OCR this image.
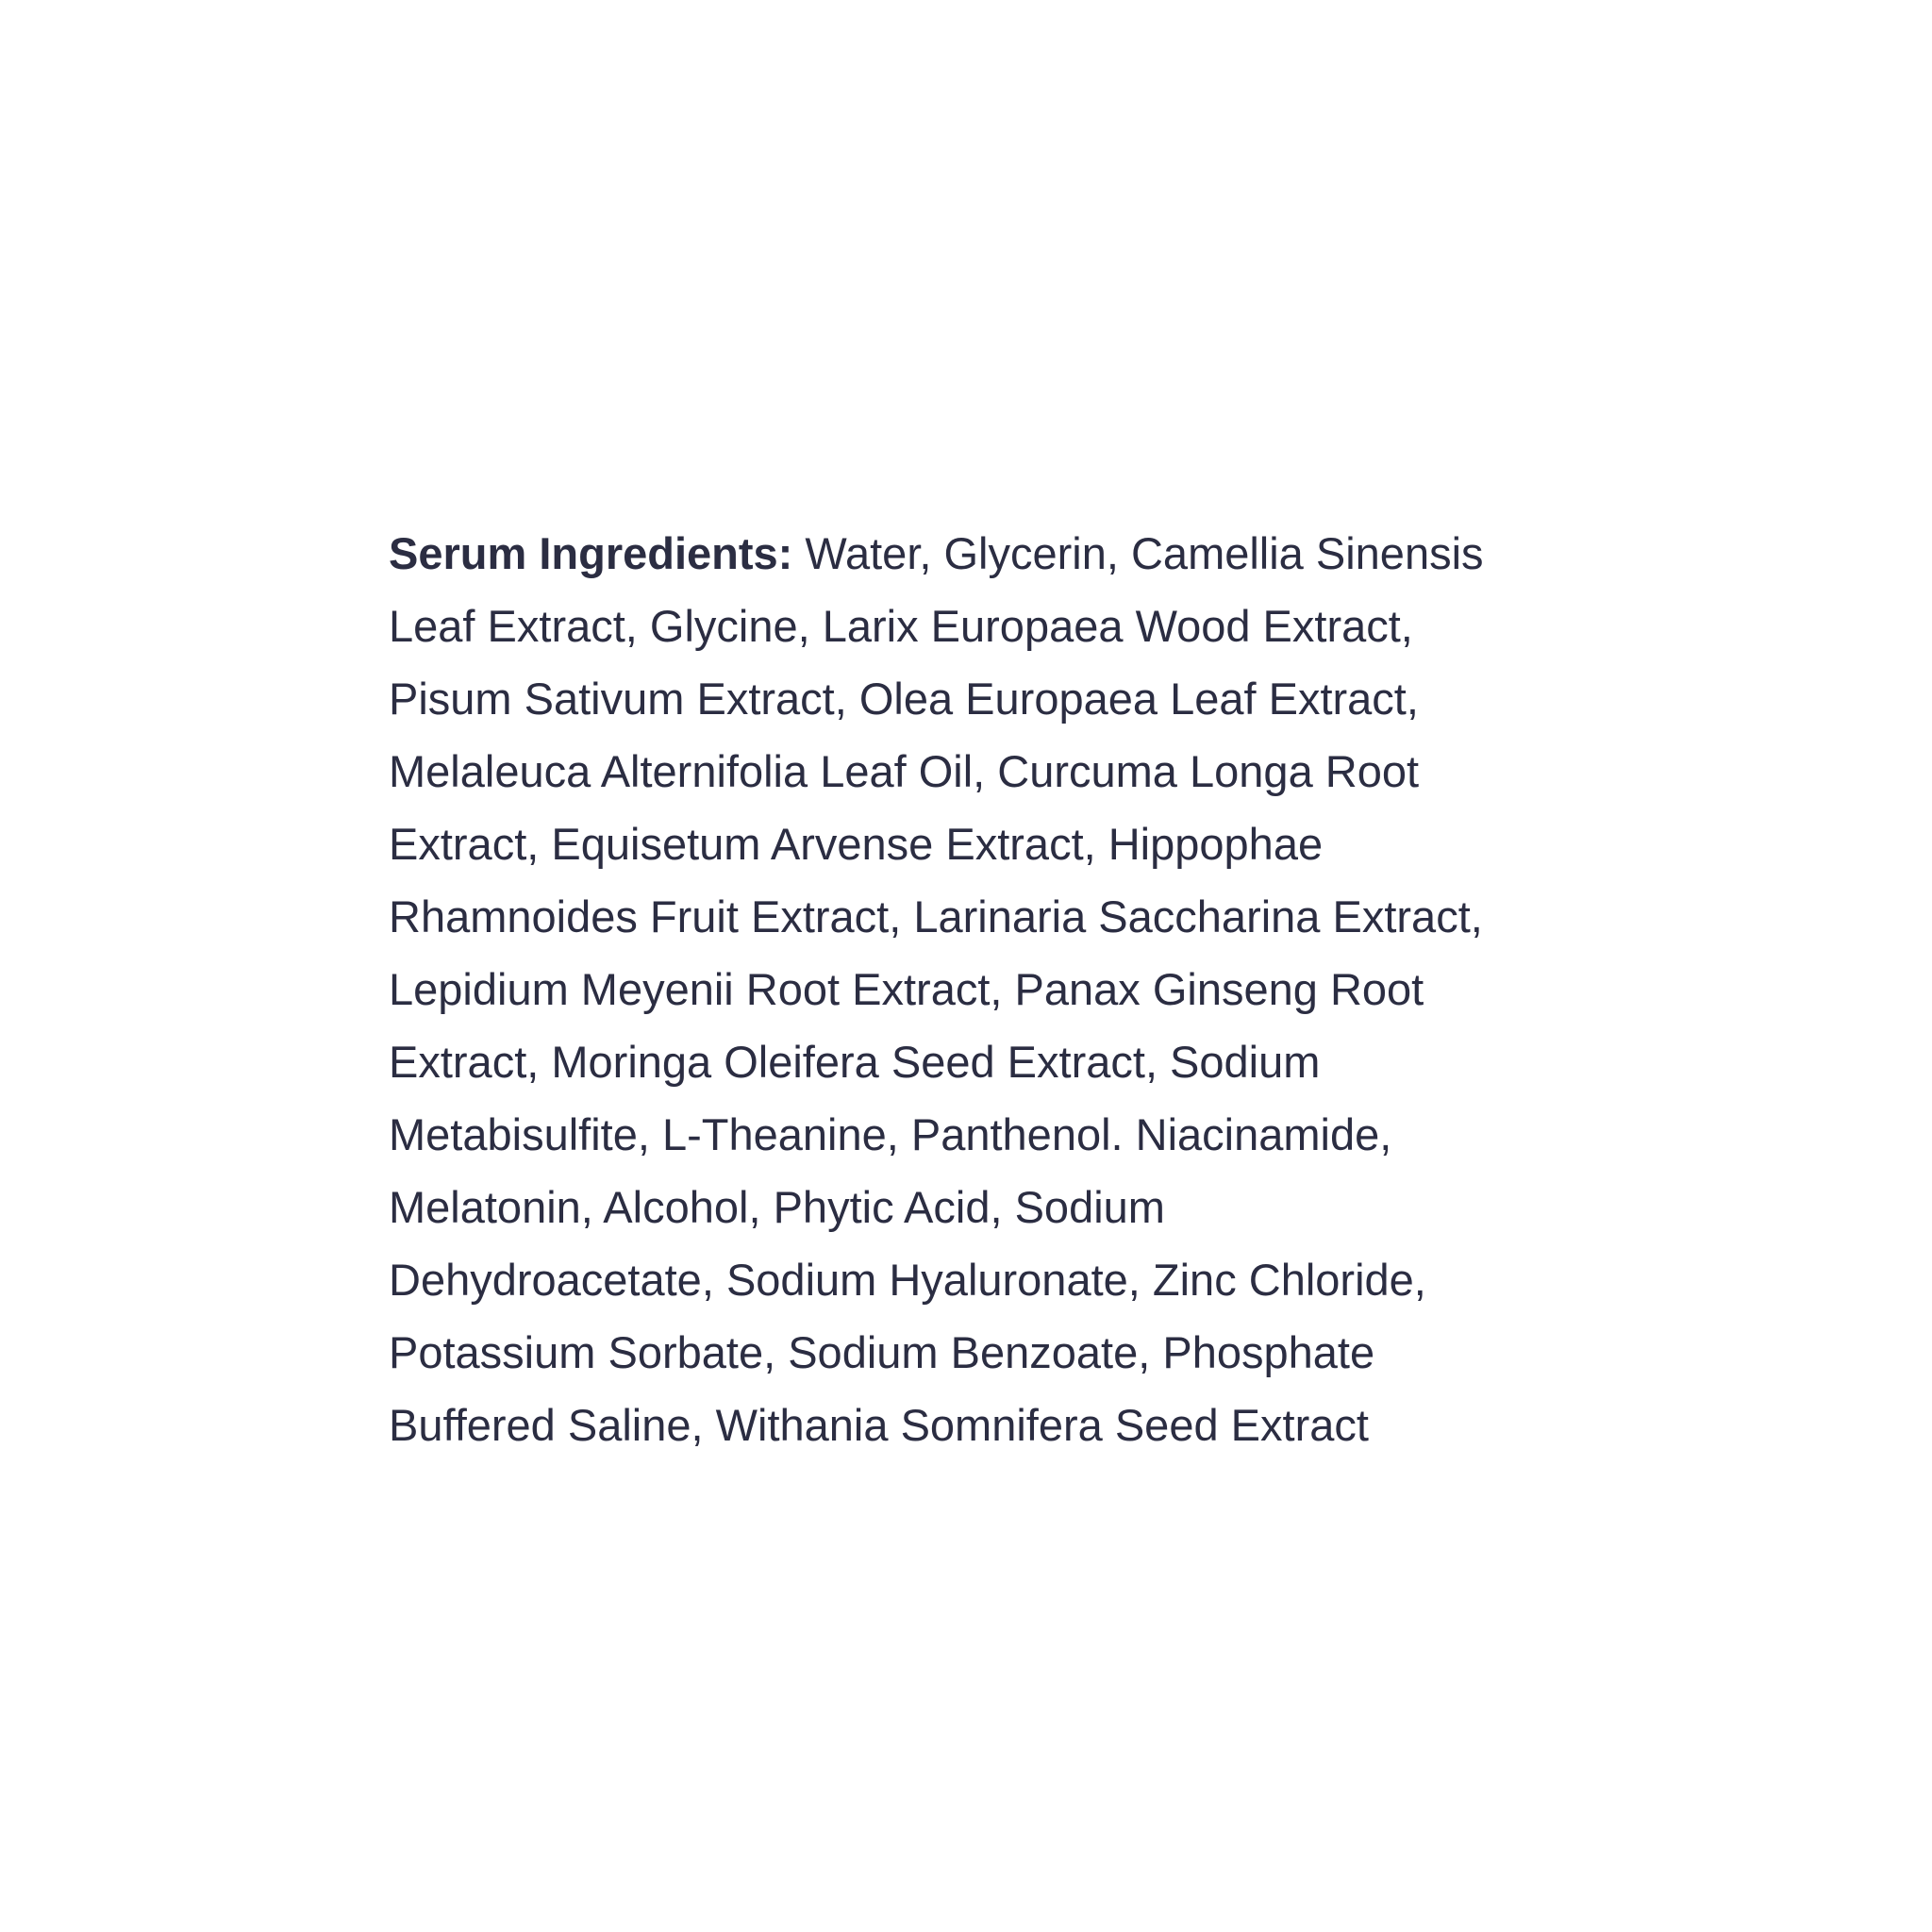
Serum Ingredients: Water, Glycerin, Camellia Sinensis
Leaf Extract, Glycine, Larix Europaea Wood Extract,
Pisum Sativum Extract, Olea Europaea Leaf Extract,
Melaleuca Alternifolia Leaf Oil, Curcuma Longa Root
Extract, Equisetum Arvense Extract, Hippophae
Rhamnoides Fruit Extract, Larinaria Saccharina Extract,
Lepidium Meyenii Root Extract, Panax Ginseng Root
Extract, Moringa Oleifera Seed Extract, Sodium
Metabisulfite, L-Theanine, Panthenol. Niacinamide,
Melatonin, Alcohol, Phytic Acid, Sodium
Dehydroacetate, Sodium Hyaluronate, Zinc Chloride,
Potassium Sorbate, Sodium Benzoate, Phosphate
Buffered Saline, Withania Somnifera Seed Extract
